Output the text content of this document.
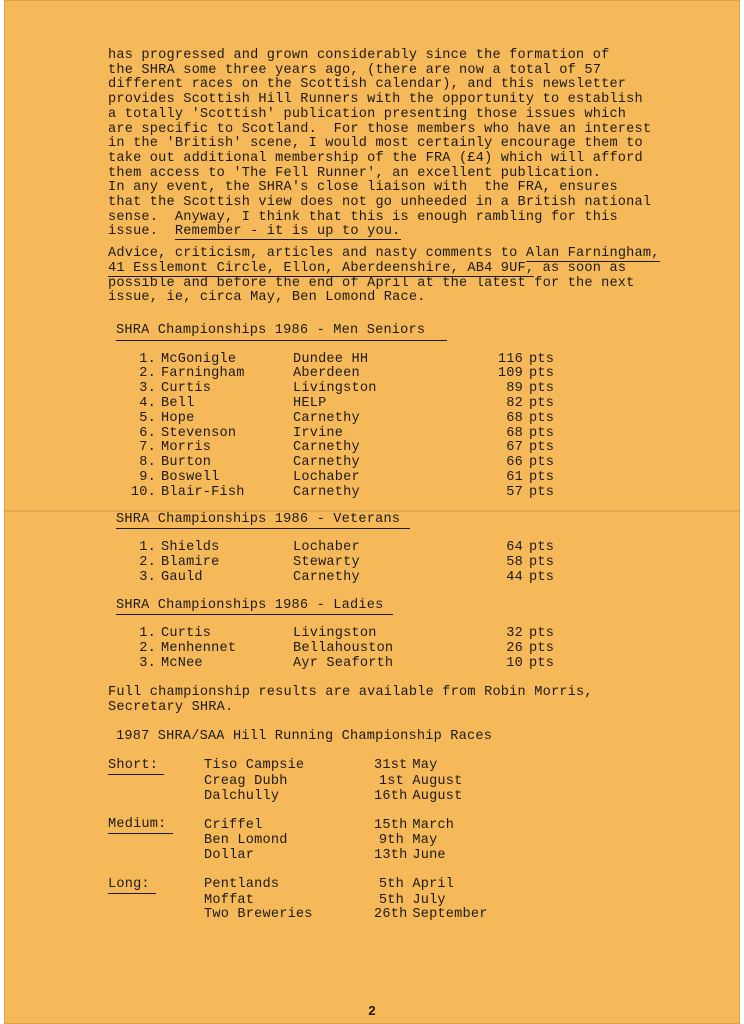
has progressed and grown considerably since the formation of
the SHRA some three years ago, (there are now a total of 57
different races on the Scottish calendar), and this newsletter
provides Scottish Hill Runners with the opportunity to establish
a totally 'Scottish' publication presenting those issues which
are specific to Scotland.  For those members who have an interest
in the 'British' scene, I would most certainly encourage them to
take out additional membership of the FRA (£4) which will afford
them access to 'The Fell Runner', an excellent publication.
In any event, the SHRA's close liaison with  the FRA, ensures
that the Scottish view does not go unheeded in a British national
sense.  Anyway, I think that this is enough rambling for this
issue.  Remember - it is up to you.

Advice, criticism, articles and nasty comments to Alan Farningham,
41 Esslemont Circle, Ellon, Aberdeenshire, AB4 9UF, as soon as
possible and before the end of April at the latest for the next
issue, ie, circa May, Ben Lomond Race.

SHRA Championships 1986 - Men Seniors
1.	McGonigle	Dundee HH	116	pts
2.	Farningham	Aberdeen	109	pts
3.	Curtis	Livingston	89	pts
4.	Bell	HELP	82	pts
5.	Hope	Carnethy	68	pts
6.	Stevenson	Irvine	68	pts
7.	Morris	Carnethy	67	pts
8.	Burton	Carnethy	66	pts
9.	Boswell	Lochaber	61	pts
10.	Blair-Fish	Carnethy	57	pts
SHRA Championships 1986 - Veterans
1.	Shields	Lochaber	64	pts
2.	Blamire	Stewarty	58	pts
3.	Gauld	Carnethy	44	pts
SHRA Championships 1986 - Ladies
1.	Curtis	Livingston	32	pts
2.	Menhennet	Bellahouston	26	pts
3.	McNee	Ayr Seaforth	10	pts

Full championship results are available from Robin Morris,
Secretary SHRA.

1987 SHRA/SAA Hill Running Championship Races
Short:	Tiso Campsie	31st May
	Creag Dubh	1st August
	Dalchully	16th August

Medium:	Criffel	15th March
	Ben Lomond	9th May
	Dollar	13th June

Long:	Pentlands	5th April
	Moffat	5th July
	Two Breweries	26th September
2
